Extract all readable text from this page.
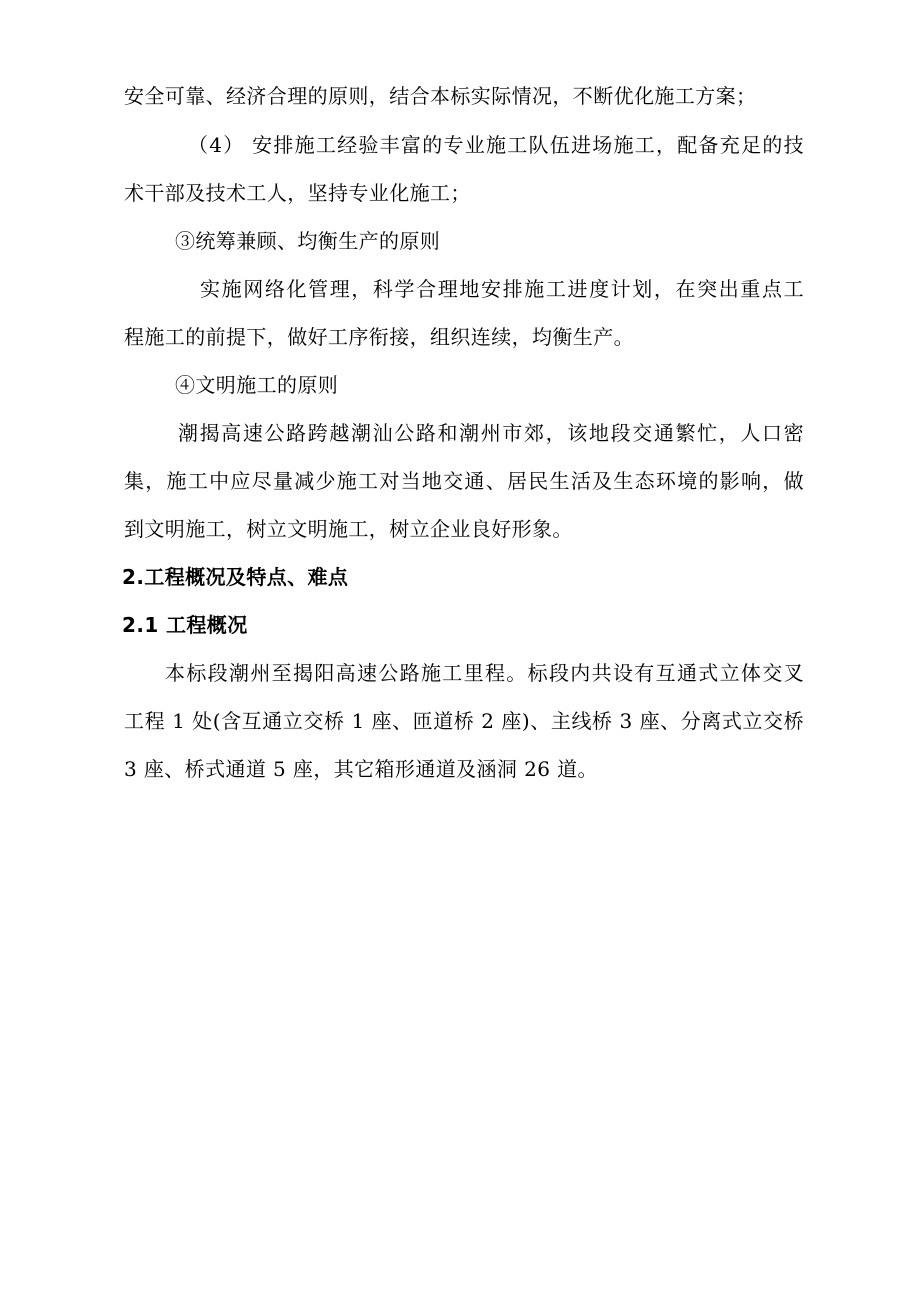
安全可靠、经济合理的原则，结合本标实际情况，不断优化施工方案；
（4） 安排施工经验丰富的专业施工队伍进场施工，配备充足的技
术干部及技术工人，坚持专业化施工；
③统筹兼顾、均衡生产的原则
实施网络化管理，科学合理地安排施工进度计划，在突出重点工
程施工的前提下，做好工序衔接，组织连续，均衡生产。
④文明施工的原则
潮揭高速公路跨越潮汕公路和潮州市郊，该地段交通繁忙，人口密
集，施工中应尽量减少施工对当地交通、居民生活及生态环境的影响，做
到文明施工，树立文明施工，树立企业良好形象。
2.工程概况及特点、难点
2.1 工程概况
本标段潮州至揭阳高速公路施工里程。标段内共设有互通式立体交叉
工程 1 处(含互通立交桥 1 座、匝道桥 2 座)、主线桥 3 座、分离式立交桥
3 座、桥式通道 5 座，其它箱形通道及涵洞 26 道。
